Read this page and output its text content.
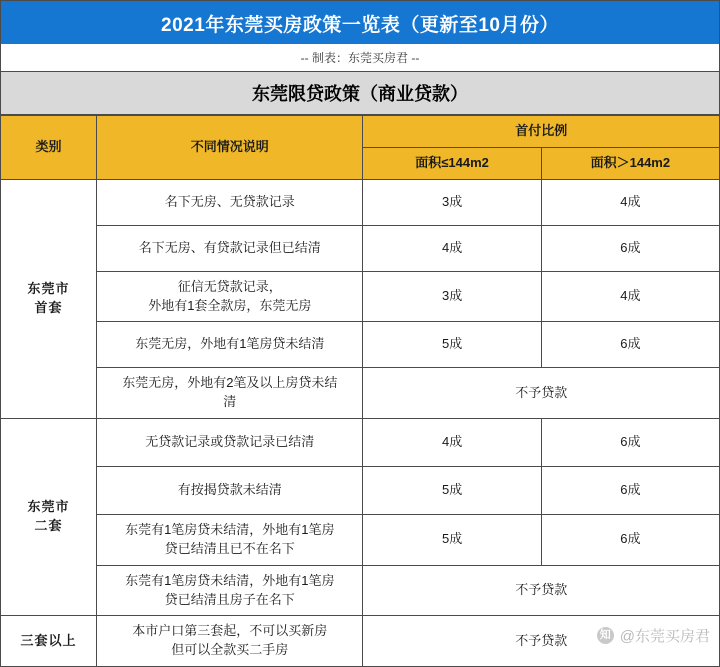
2021年东莞买房政策一览表（更新至10月份）
-- 制表：东莞买房君 --
东莞限贷政策（商业贷款）
类别	不同情况说明	首付比例	
		面积≤144m2	面积＞144m2
东莞市
首套	名下无房、无贷款记录	3成	4成
	名下无房、有贷款记录但已结清	4成	6成
	征信无贷款记录，
外地有1套全款房，东莞无房	3成	4成
	东莞无房，外地有1笔房贷未结清	5成	6成
	东莞无房，外地有2笔及以上房贷未结
清	不予贷款	
东莞市
二套	无贷款记录或贷款记录已结清	4成	6成
	有按揭贷款未结清	5成	6成
	东莞有1笔房贷未结清，外地有1笔房
贷已结清且已不在名下	5成	6成
	东莞有1笔房贷未结清，外地有1笔房
贷已结清且房子在名下	不予贷款	
三套以上	本市户口第三套起，不可以买新房
但可以全款买二手房	不予贷款		知 @东莞买房君
